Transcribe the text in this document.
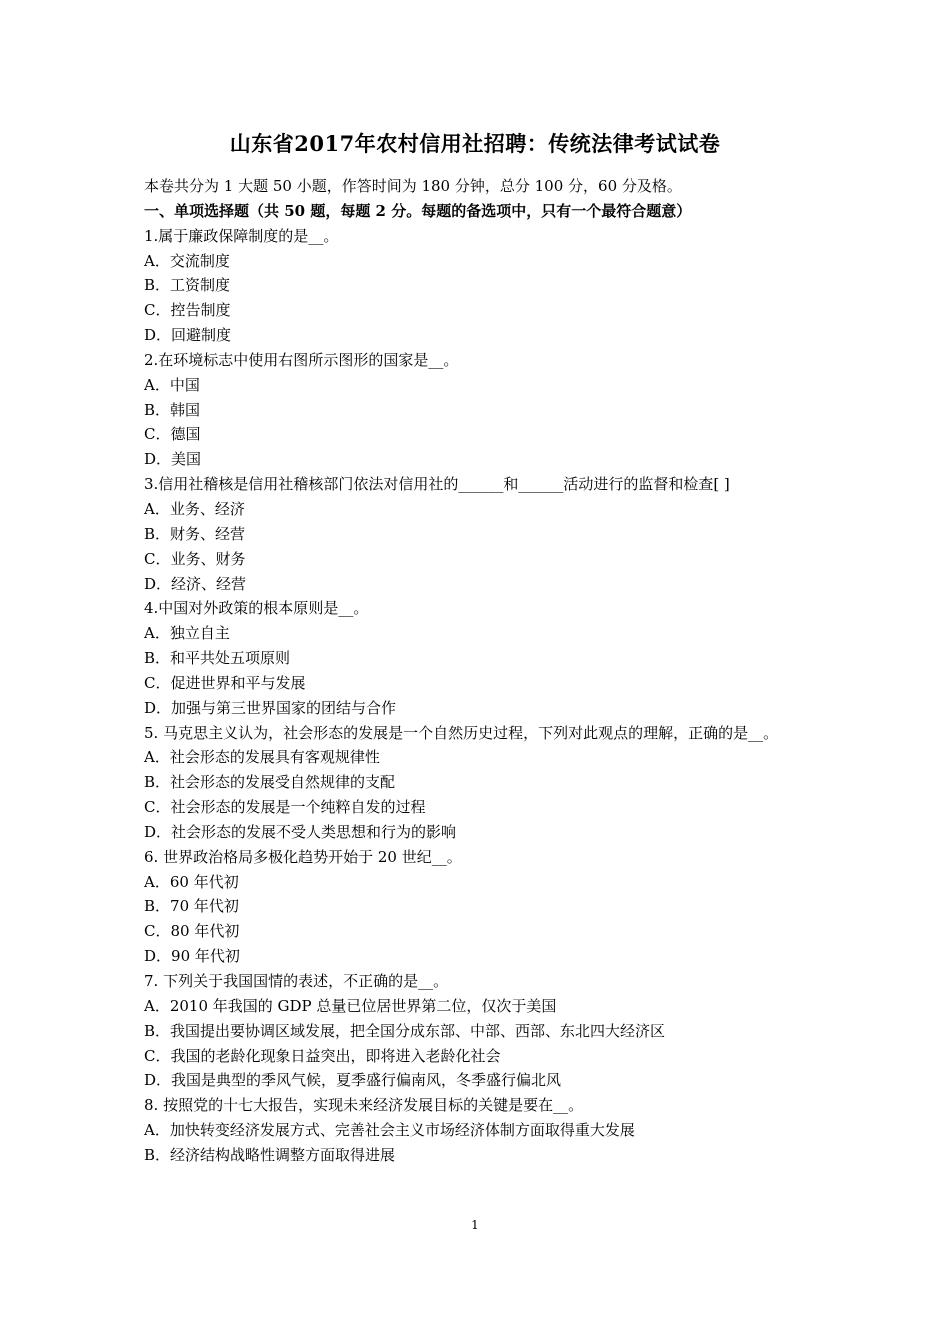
山东省2017年农村信用社招聘：传统法律考试试卷
本卷共分为 1 大题 50 小题，作答时间为 180 分钟，总分 100 分，60 分及格。
一、单项选择题（共 50 题，每题 2 分。每题的备选项中，只有一个最符合题意）
1.属于廉政保障制度的是__。
A．交流制度
B．工资制度
C．控告制度
D．回避制度
2.在环境标志中使用右图所示图形的国家是__。
A．中国
B．韩国
C．德国
D．美国
3.信用社稽核是信用社稽核部门依法对信用社的______和______活动进行的监督和检查[ ]
A．业务、经济
B．财务、经营
C．业务、财务
D．经济、经营
4.中国对外政策的根本原则是__。
A．独立自主
B．和平共处五项原则
C．促进世界和平与发展
D．加强与第三世界国家的团结与合作
5. 马克思主义认为，社会形态的发展是一个自然历史过程，下列对此观点的理解，正确的是__。
A．社会形态的发展具有客观规律性
B．社会形态的发展受自然规律的支配
C．社会形态的发展是一个纯粹自发的过程
D．社会形态的发展不受人类思想和行为的影响
6. 世界政治格局多极化趋势开始于 20 世纪__。
A．60 年代初
B．70 年代初
C．80 年代初
D．90 年代初
7. 下列关于我国国情的表述，不正确的是__。
A．2010 年我国的 GDP 总量已位居世界第二位，仅次于美国
B．我国提出要协调区域发展，把全国分成东部、中部、西部、东北四大经济区
C．我国的老龄化现象日益突出，即将进入老龄化社会
D．我国是典型的季风气候，夏季盛行偏南风，冬季盛行偏北风
8. 按照党的十七大报告，实现未来经济发展目标的关键是要在__。
A．加快转变经济发展方式、完善社会主义市场经济体制方面取得重大发展
B．经济结构战略性调整方面取得进展
1
